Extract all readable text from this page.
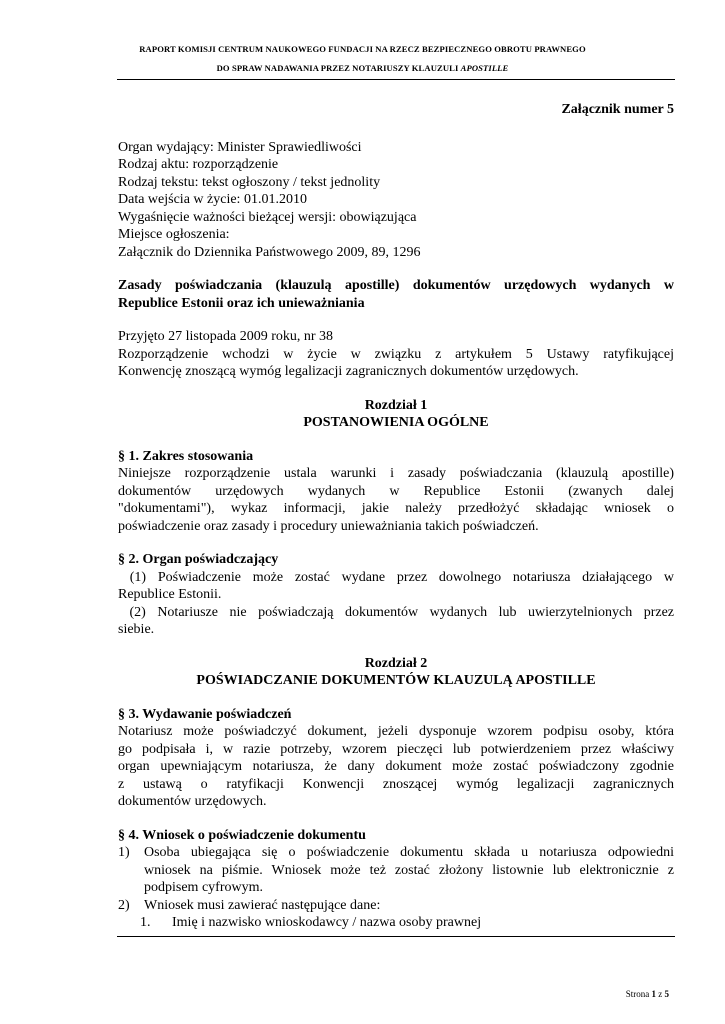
RAPORT KOMISJI CENTRUM NAUKOWEGO FUNDACJI NA RZECZ BEZPIECZNEGO OBROTU PRAWNEGO
DO SPRAW NADAWANIA PRZEZ NOTARIUSZY KLAUZULI APOSTILLE
Załącznik numer 5
Organ wydający: Minister Sprawiedliwości
Rodzaj aktu: rozporządzenie
Rodzaj tekstu: tekst ogłoszony / tekst jednolity
Data wejścia w życie: 01.01.2010
Wygaśnięcie ważności bieżącej wersji: obowiązująca
Miejsce ogłoszenia:
Załącznik do Dziennika Państwowego 2009, 89, 1296
Zasady poświadczania (klauzulą apostille) dokumentów urzędowych wydanych w
Republice Estonii oraz ich unieważniania
Przyjęto 27 listopada 2009 roku, nr 38
Rozporządzenie wchodzi w życie w związku z artykułem 5 Ustawy ratyfikującej
Konwencję znoszącą wymóg legalizacji zagranicznych dokumentów urzędowych.
Rozdział 1
POSTANOWIENIA OGÓLNE
§ 1. Zakres stosowania
Niniejsze rozporządzenie ustala warunki i zasady poświadczania (klauzulą apostille)
dokumentów urzędowych wydanych w Republice Estonii (zwanych dalej
"dokumentami"), wykaz informacji, jakie należy przedłożyć składając wniosek o
poświadczenie oraz zasady i procedury unieważniania takich poświadczeń.
§ 2. Organ poświadczający
(1) Poświadczenie może zostać wydane przez dowolnego notariusza działającego w
Republice Estonii.
(2) Notariusze nie poświadczają dokumentów wydanych lub uwierzytelnionych przez
siebie.
Rozdział 2
POŚWIADCZANIE DOKUMENTÓW KLAUZULĄ APOSTILLE
§ 3. Wydawanie poświadczeń
Notariusz może poświadczyć dokument, jeżeli dysponuje wzorem podpisu osoby, która
go podpisała i, w razie potrzeby, wzorem pieczęci lub potwierdzeniem przez właściwy
organ upewniającym notariusza, że dany dokument może zostać poświadczony zgodnie
z ustawą o ratyfikacji Konwencji znoszącej wymóg legalizacji zagranicznych
dokumentów urzędowych.
§ 4. Wniosek o poświadczenie dokumentu
1)	Osoba ubiegająca się o poświadczenie dokumentu składa u notariusza odpowiedni
wniosek na piśmie. Wniosek może też zostać złożony listownie lub elektronicznie z
podpisem cyfrowym.
2)	Wniosek musi zawierać następujące dane:
1.	Imię i nazwisko wnioskodawcy / nazwa osoby prawnej
Strona 1 z 5
